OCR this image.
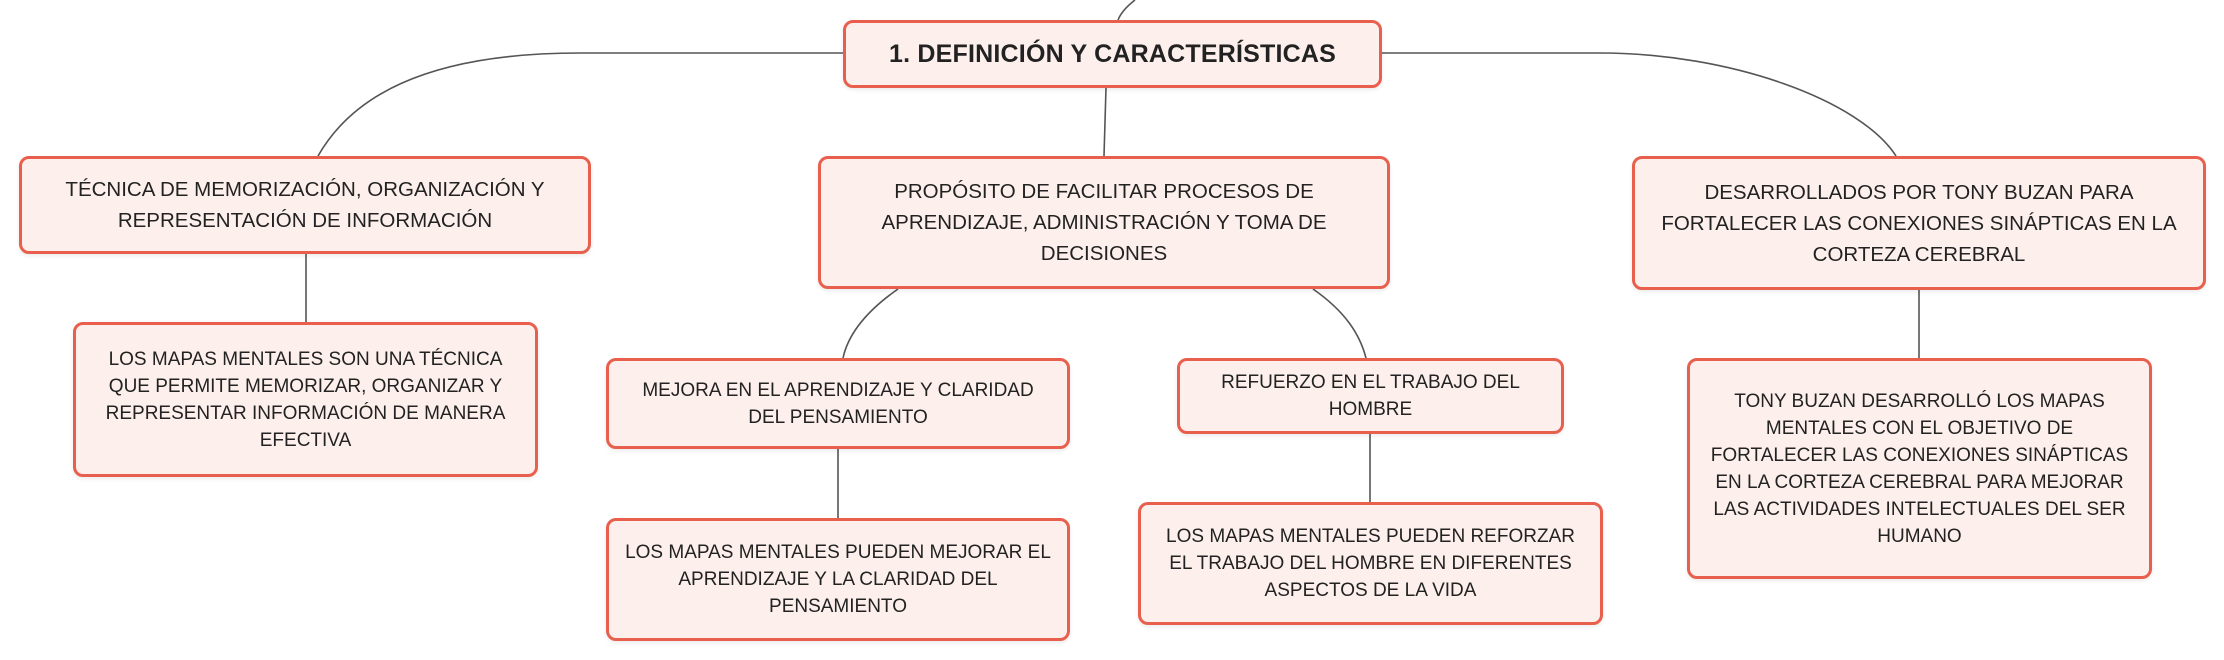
1. DEFINICIÓN Y CARACTERÍSTICAS
TÉCNICA DE MEMORIZACIÓN, ORGANIZACIÓN Y REPRESENTACIÓN DE INFORMACIÓN
PROPÓSITO DE FACILITAR PROCESOS DE APRENDIZAJE, ADMINISTRACIÓN Y TOMA DE DECISIONES
DESARROLLADOS POR TONY BUZAN PARA FORTALECER LAS CONEXIONES SINÁPTICAS EN LA CORTEZA CEREBRAL
LOS MAPAS MENTALES SON UNA TÉCNICA QUE PERMITE MEMORIZAR, ORGANIZAR Y REPRESENTAR INFORMACIÓN DE MANERA EFECTIVA
MEJORA EN EL APRENDIZAJE Y CLARIDAD DEL PENSAMIENTO
REFUERZO EN EL TRABAJO DEL HOMBRE	TONY BUZAN DESARROLLÓ LOS MAPAS MENTALES CON EL OBJETIVO DE FORTALECER LAS CONEXIONES SINÁPTICAS EN LA CORTEZA CEREBRAL PARA MEJORAR LAS ACTIVIDADES INTELECTUALES DEL SER HUMANO
LOS MAPAS MENTALES PUEDEN MEJORAR EL APRENDIZAJE Y LA CLARIDAD DEL PENSAMIENTO
LOS MAPAS MENTALES PUEDEN REFORZAR EL TRABAJO DEL HOMBRE EN DIFERENTES ASPECTOS DE LA VIDA
